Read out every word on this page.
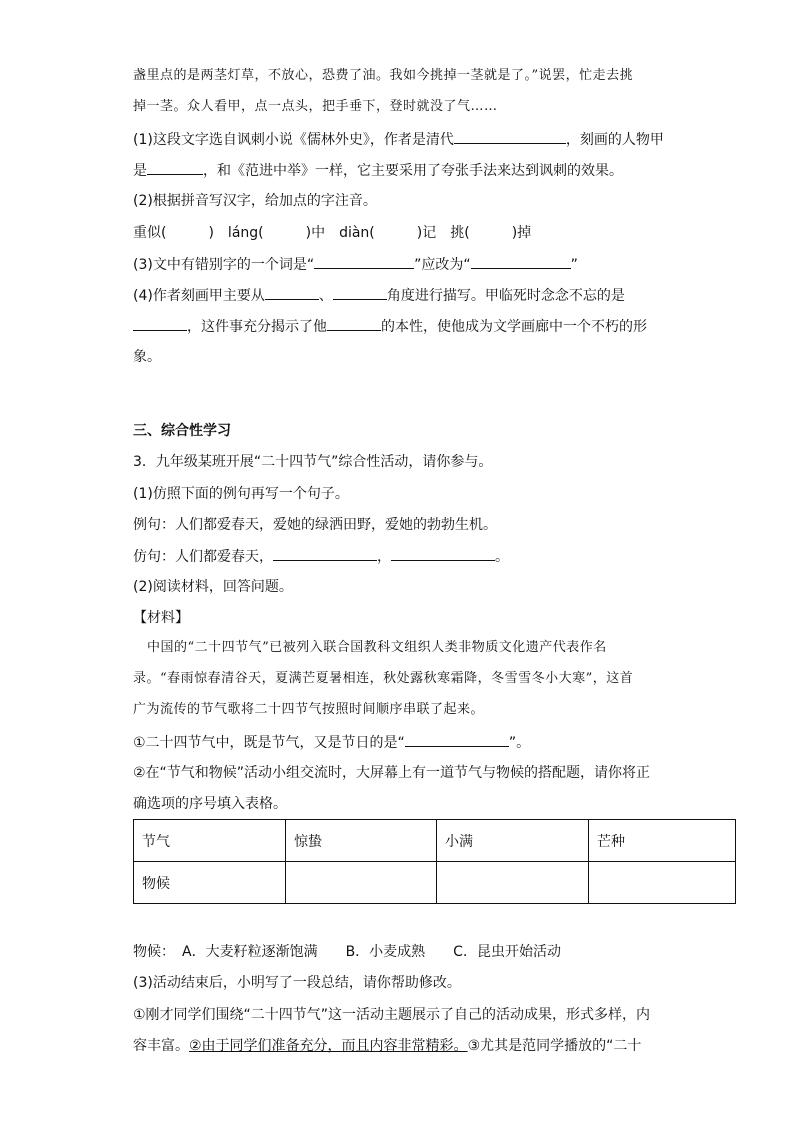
盏里点的是两茎灯草，不放心，恐费了油。我如今挑掉一茎就是了。”说罢，忙走去挑
掉一茎。众人看甲，点一点头，把手垂下，登时就没了气……
(1)这段文字选自讽刺小说《儒林外史》，作者是清代	，刻画的人物甲
是	，和《范进中举》一样，它主要采用了夸张手法来达到讽刺的效果。
(2)根据拼音写汉字，给加点的字注音。
重似(　　　)　láng(　　　)中　diàn(　　　)记　挑(　　　)掉
(3)文中有错别字的一个词是“	”应改为“	”
(4)作者刻画甲主要从	、	角度进行描写。甲临死时念念不忘的是
，这件事充分揭示了他	的本性，使他成为文学画廊中一个不朽的形
象。
三、综合性学习
3．九年级某班开展“二十四节气”综合性活动，请你参与。
(1)仿照下面的例句再写一个句子。
例句：人们都爱春天，爱她的绿洒田野，爱她的勃勃生机。
仿句：人们都爱春天，	，	。
(2)阅读材料，回答问题。
【材料】
中国的“二十四节气”已被列入联合国教科文组织人类非物质文化遗产代表作名
录。“春雨惊春清谷天，夏满芒夏暑相连，秋处露秋寒霜降，冬雪雪冬小大寒”，这首
广为流传的节气歌将二十四节气按照时间顺序串联了起来。
①二十四节气中，既是节气，又是节日的是“	”。
②在“节气和物候”活动小组交流时，大屏幕上有一道节气与物候的搭配题，请你将正
确选项的序号填入表格。
节气	惊蛰	小满	芒种
物候			
物候：　A．大麦籽粒逐渐饱满　　B．小麦成熟　　C．昆虫开始活动
(3)活动结束后，小明写了一段总结，请你帮助修改。
①刚才同学们围绕“二十四节气”这一活动主题展示了自己的活动成果，形式多样，内
容丰富。②由于同学们准备充分，而且内容非常精彩。③尤其是范同学播放的“二十
